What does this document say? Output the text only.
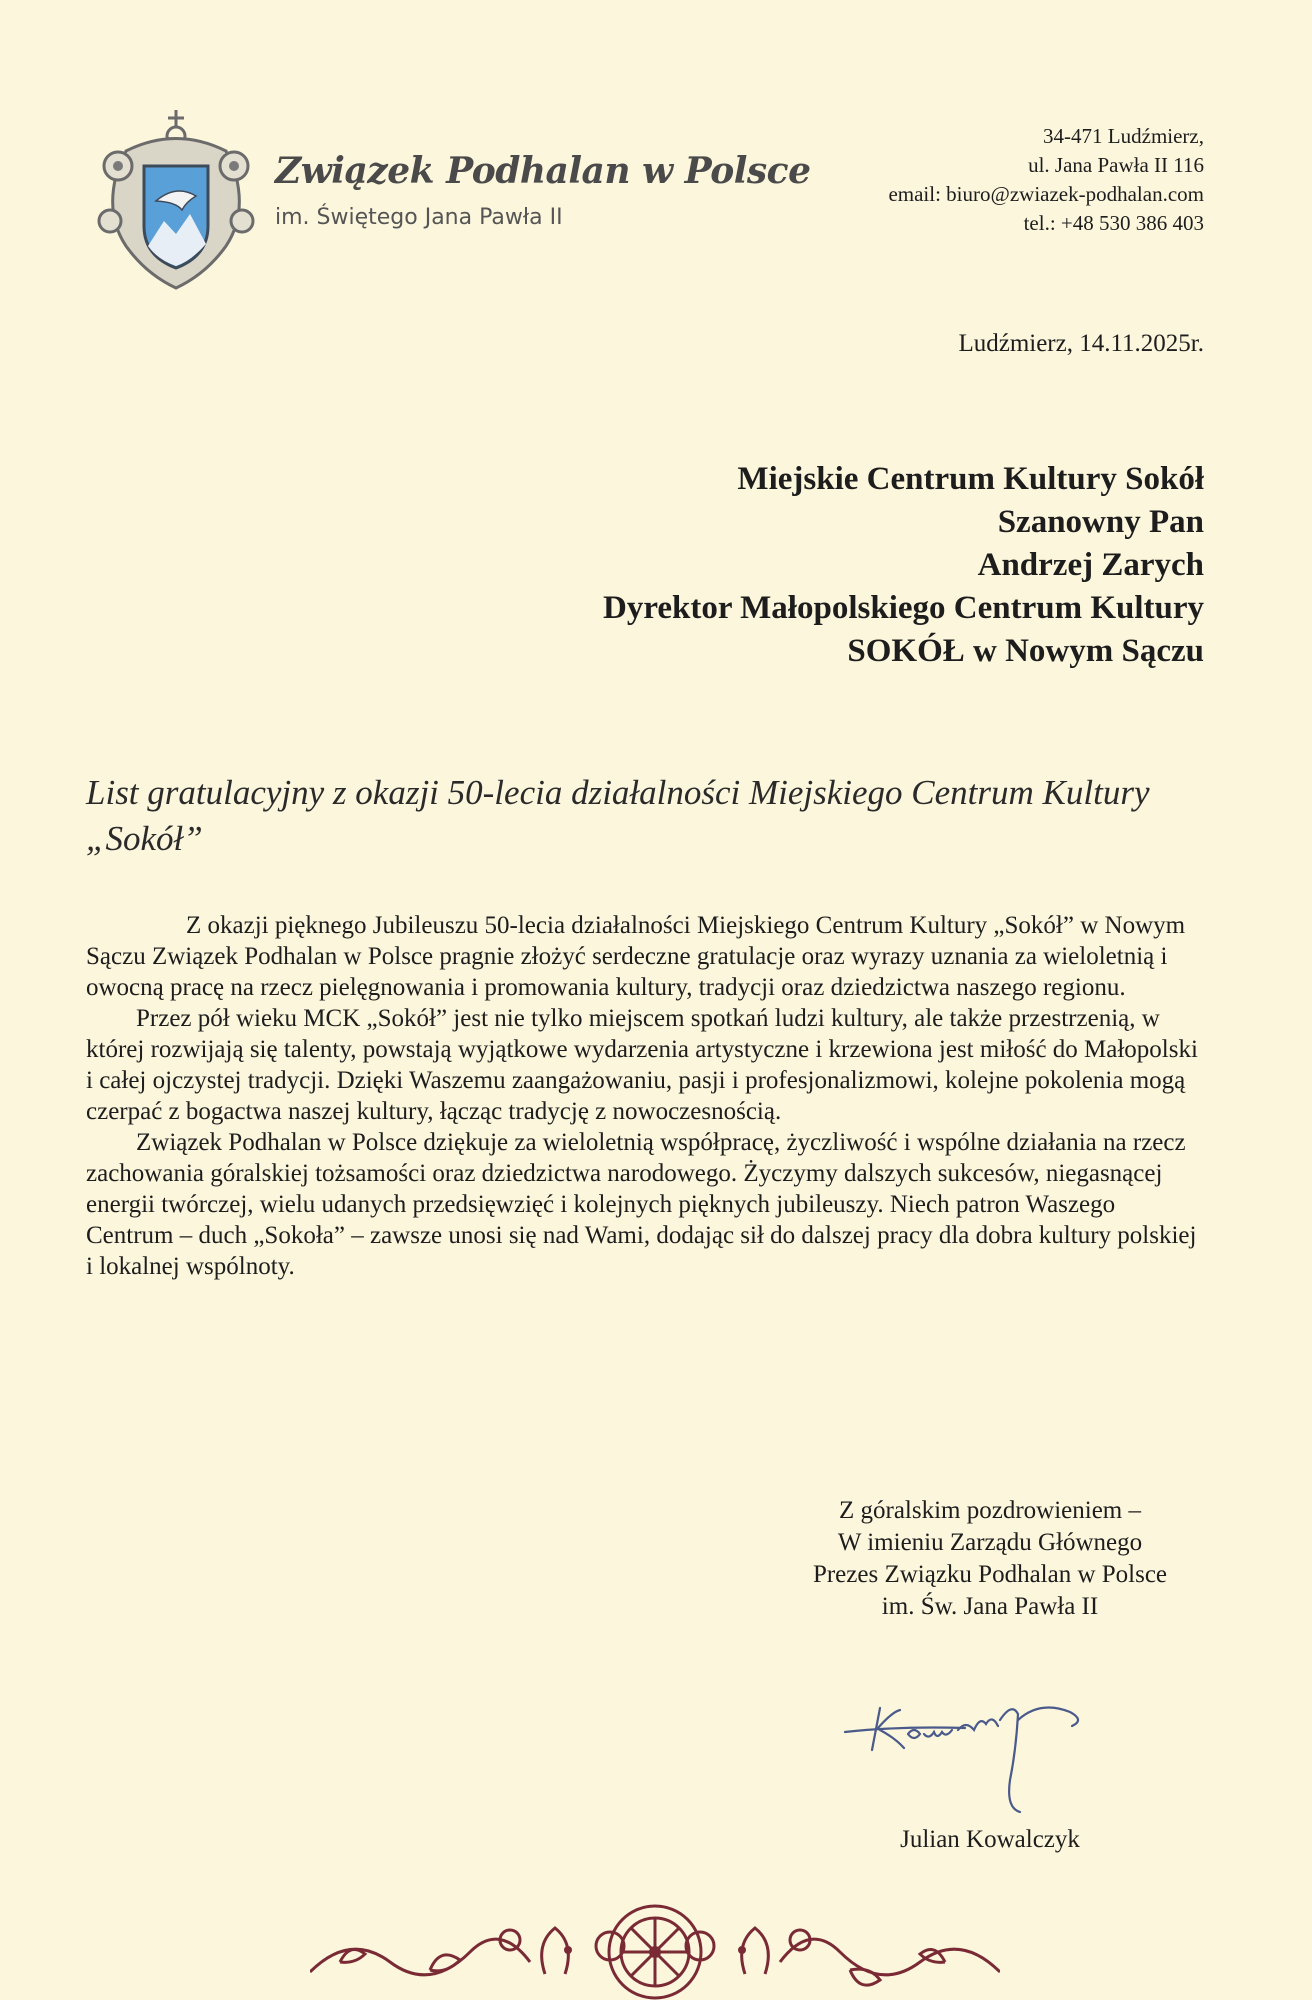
Związek Podhalan w Polsce
im. Świętego Jana Pawła II
34-471 Ludźmierz,
ul. Jana Pawła II 116
email: biuro@zwiazek-podhalan.com
tel.: +48 530 386 403
Ludźmierz, 14.11.2025r.
Miejskie Centrum Kultury Sokół
Szanowny Pan
Andrzej Zarych
Dyrektor Małopolskiego Centrum Kultury
SOKÓŁ w Nowym Sączu
List gratulacyjny z okazji 50-lecia działalności Miejskiego Centrum Kultury „Sokół”

Z okazji pięknego Jubileuszu 50-lecia działalności Miejskiego Centrum Kultury „Sokół” w Nowym Sączu Związek Podhalan w Polsce pragnie złożyć serdeczne gratulacje oraz wyrazy uznania za wieloletnią i owocną pracę na rzecz pielęgnowania i promowania kultury, tradycji oraz dziedzictwa naszego regionu.

Przez pół wieku MCK „Sokół” jest nie tylko miejscem spotkań ludzi kultury, ale także przestrzenią, w której rozwijają się talenty, powstają wyjątkowe wydarzenia artystyczne i krzewiona jest miłość do Małopolski i całej ojczystej tradycji. Dzięki Waszemu zaangażowaniu, pasji i profesjonalizmowi, kolejne pokolenia mogą czerpać z bogactwa naszej kultury, łącząc tradycję z nowoczesnością.

Związek Podhalan w Polsce dziękuje za wieloletnią współpracę, życzliwość i wspólne działania na rzecz zachowania góralskiej tożsamości oraz dziedzictwa narodowego. Życzymy dalszych sukcesów, niegasnącej energii twórczej, wielu udanych przedsięwzięć i kolejnych pięknych jubileuszy. Niech patron Waszego Centrum – duch „Sokoła” – zawsze unosi się nad Wami, dodając sił do dalszej pracy dla dobra kultury polskiej i lokalnej wspólnoty.

Z góralskim pozdrowieniem –
W imieniu Zarządu Głównego
Prezes Związku Podhalan w Polsce
im. Św. Jana Pawła II
Julian Kowalczyk
